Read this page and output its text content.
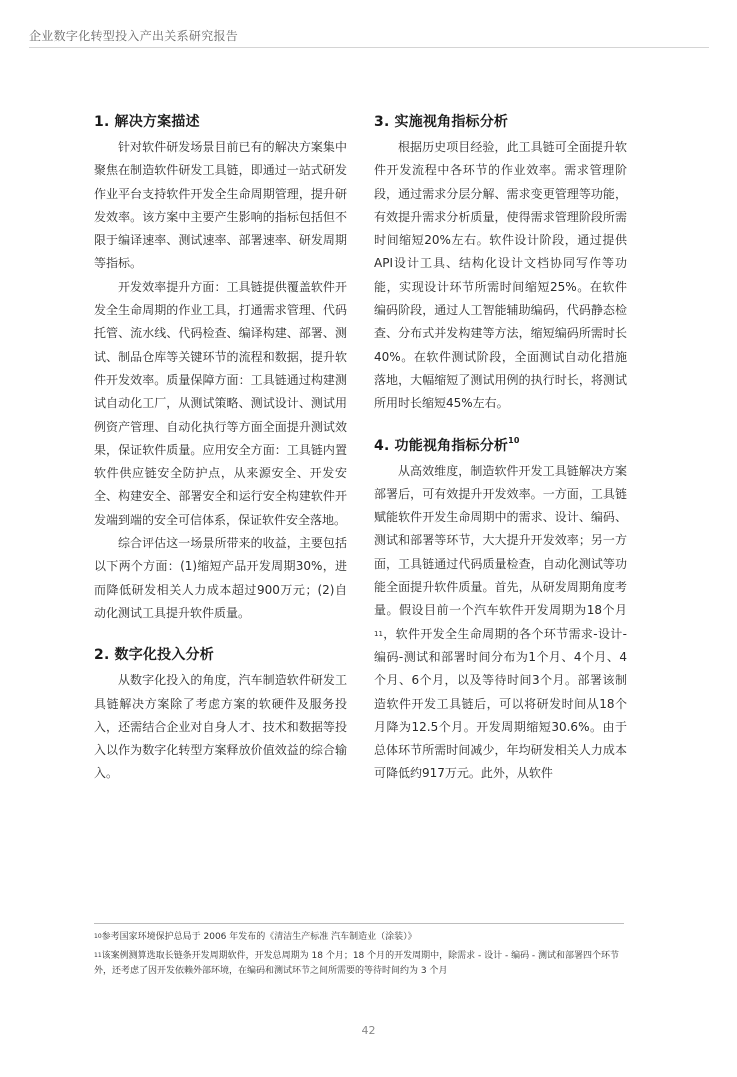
企业数字化转型投入产出关系研究报告
1. 解决方案描述

针对软件研发场景目前已有的解决方案集中聚焦在制造软件研发工具链，即通过一站式研发作业平台支持软件开发全生命周期管理，提升研发效率。该方案中主要产生影响的指标包括但不限于编译速率、测试速率、部署速率、研发周期等指标。

开发效率提升方面：工具链提供覆盖软件开发全生命周期的作业工具，打通需求管理、代码托管、流水线、代码检查、编译构建、部署、测试、制品仓库等关键环节的流程和数据，提升软件开发效率。质量保障方面：工具链通过构建测试自动化工厂，从测试策略、测试设计、测试用例资产管理、自动化执行等方面全面提升测试效果，保证软件质量。应用安全方面：工具链内置软件供应链安全防护点，从来源安全、开发安全、构建安全、部署安全和运行安全构建软件开发端到端的安全可信体系，保证软件安全落地。

综合评估这一场景所带来的收益，主要包括以下两个方面：(1)缩短产品开发周期30%，进而降低研发相关人力成本超过900万元；(2)自动化测试工具提升软件质量。

2. 数字化投入分析

从数字化投入的角度，汽车制造软件研发工具链解决方案除了考虑方案的软硬件及服务投入，还需结合企业对自身人才、技术和数据等投入以作为数字化转型方案释放价值效益的综合输入。

3. 实施视角指标分析

根据历史项目经验，此工具链可全面提升软件开发流程中各环节的作业效率。需求管理阶段，通过需求分层分解、需求变更管理等功能，有效提升需求分析质量，使得需求管理阶段所需时间缩短20%左右。软件设计阶段，通过提供API设计工具、结构化设计文档协同写作等功能，实现设计环节所需时间缩短25%。在软件编码阶段，通过人工智能辅助编码，代码静态检查、分布式并发构建等方法，缩短编码所需时长40%。在软件测试阶段，全面测试自动化措施落地，大幅缩短了测试用例的执行时长，将测试所用时长缩短45%左右。

4. 功能视角指标分析$^{10}$

从高效维度，制造软件开发工具链解决方案部署后，可有效提升开发效率。一方面，工具链赋能软件开发生命周期中的需求、设计、编码、测试和部署等环节，大大提升开发效率；另一方面，工具链通过代码质量检查，自动化测试等功能全面提升软件质量。首先，从研发周期角度考量。假设目前一个汽车软件开发周期为18个月$^{11}$，软件开发全生命周期的各个环节需求-设计-编码-测试和部署时间分布为1个月、4个月、4个月、6个月，以及等待时间3个月。部署该制造软件开发工具链后，可以将研发时间从18个月降为12.5个月。开发周期缩短30.6%。由于总体环节所需时间减少，年均研发相关人力成本可降低约917万元。此外，从软件

$^{10}$参考国家环境保护总局于 2006 年发布的《清洁生产标准 汽车制造业（涂装）》
$^{11}$该案例测算选取长链条开发周期软件，开发总周期为 18 个月；18 个月的开发周期中，除需求 - 设计 - 编码 - 测试和部署四个环节外，还考虑了因开发依赖外部环境，在编码和测试环节之间所需要的等待时间约为 3 个月
42
